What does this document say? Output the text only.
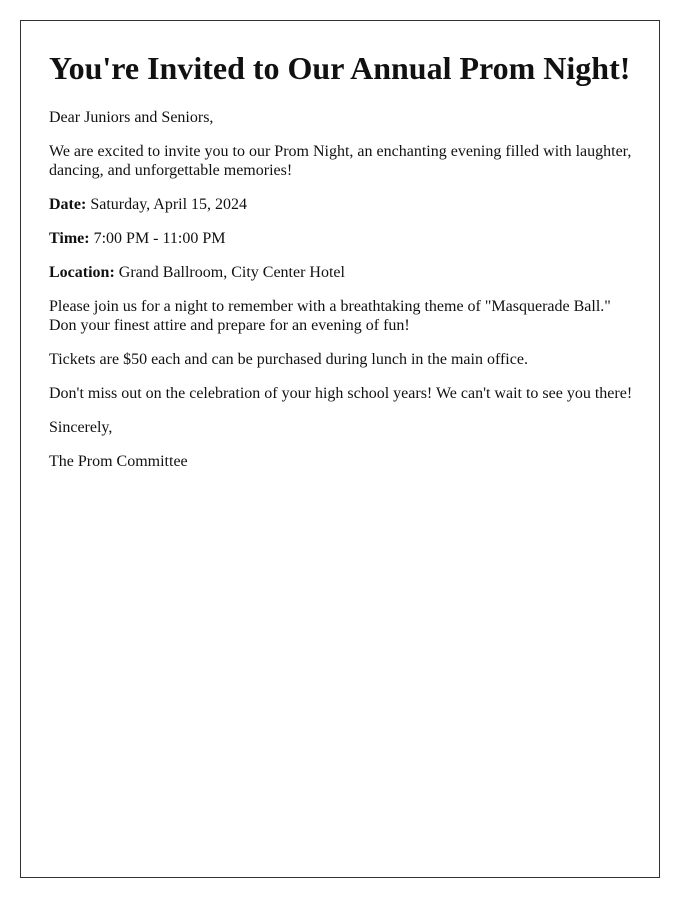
You're Invited to Our Annual Prom Night!

Dear Juniors and Seniors,

We are excited to invite you to our Prom Night, an enchanting evening filled with laughter, dancing, and unforgettable memories!

Date: Saturday, April 15, 2024

Time: 7:00 PM - 11:00 PM

Location: Grand Ballroom, City Center Hotel

Please join us for a night to remember with a breathtaking theme of "Masquerade Ball." Don your finest attire and prepare for an evening of fun!

Tickets are $50 each and can be purchased during lunch in the main office.

Don't miss out on the celebration of your high school years! We can't wait to see you there!

Sincerely,

The Prom Committee
